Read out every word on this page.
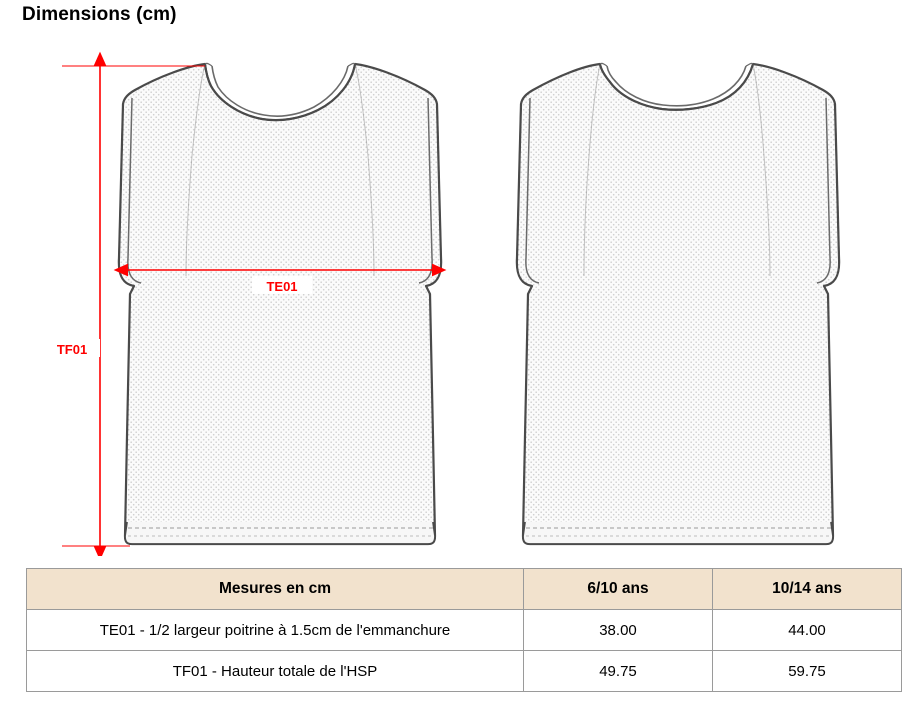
Dimensions (cm)
TE01
TF01
Mesures en cm	6/10 ans	10/14 ans
TE01 - 1/2 largeur poitrine à 1.5cm de l'emmanchure	38.00	44.00
TF01 - Hauteur totale de l'HSP	49.75	59.75
